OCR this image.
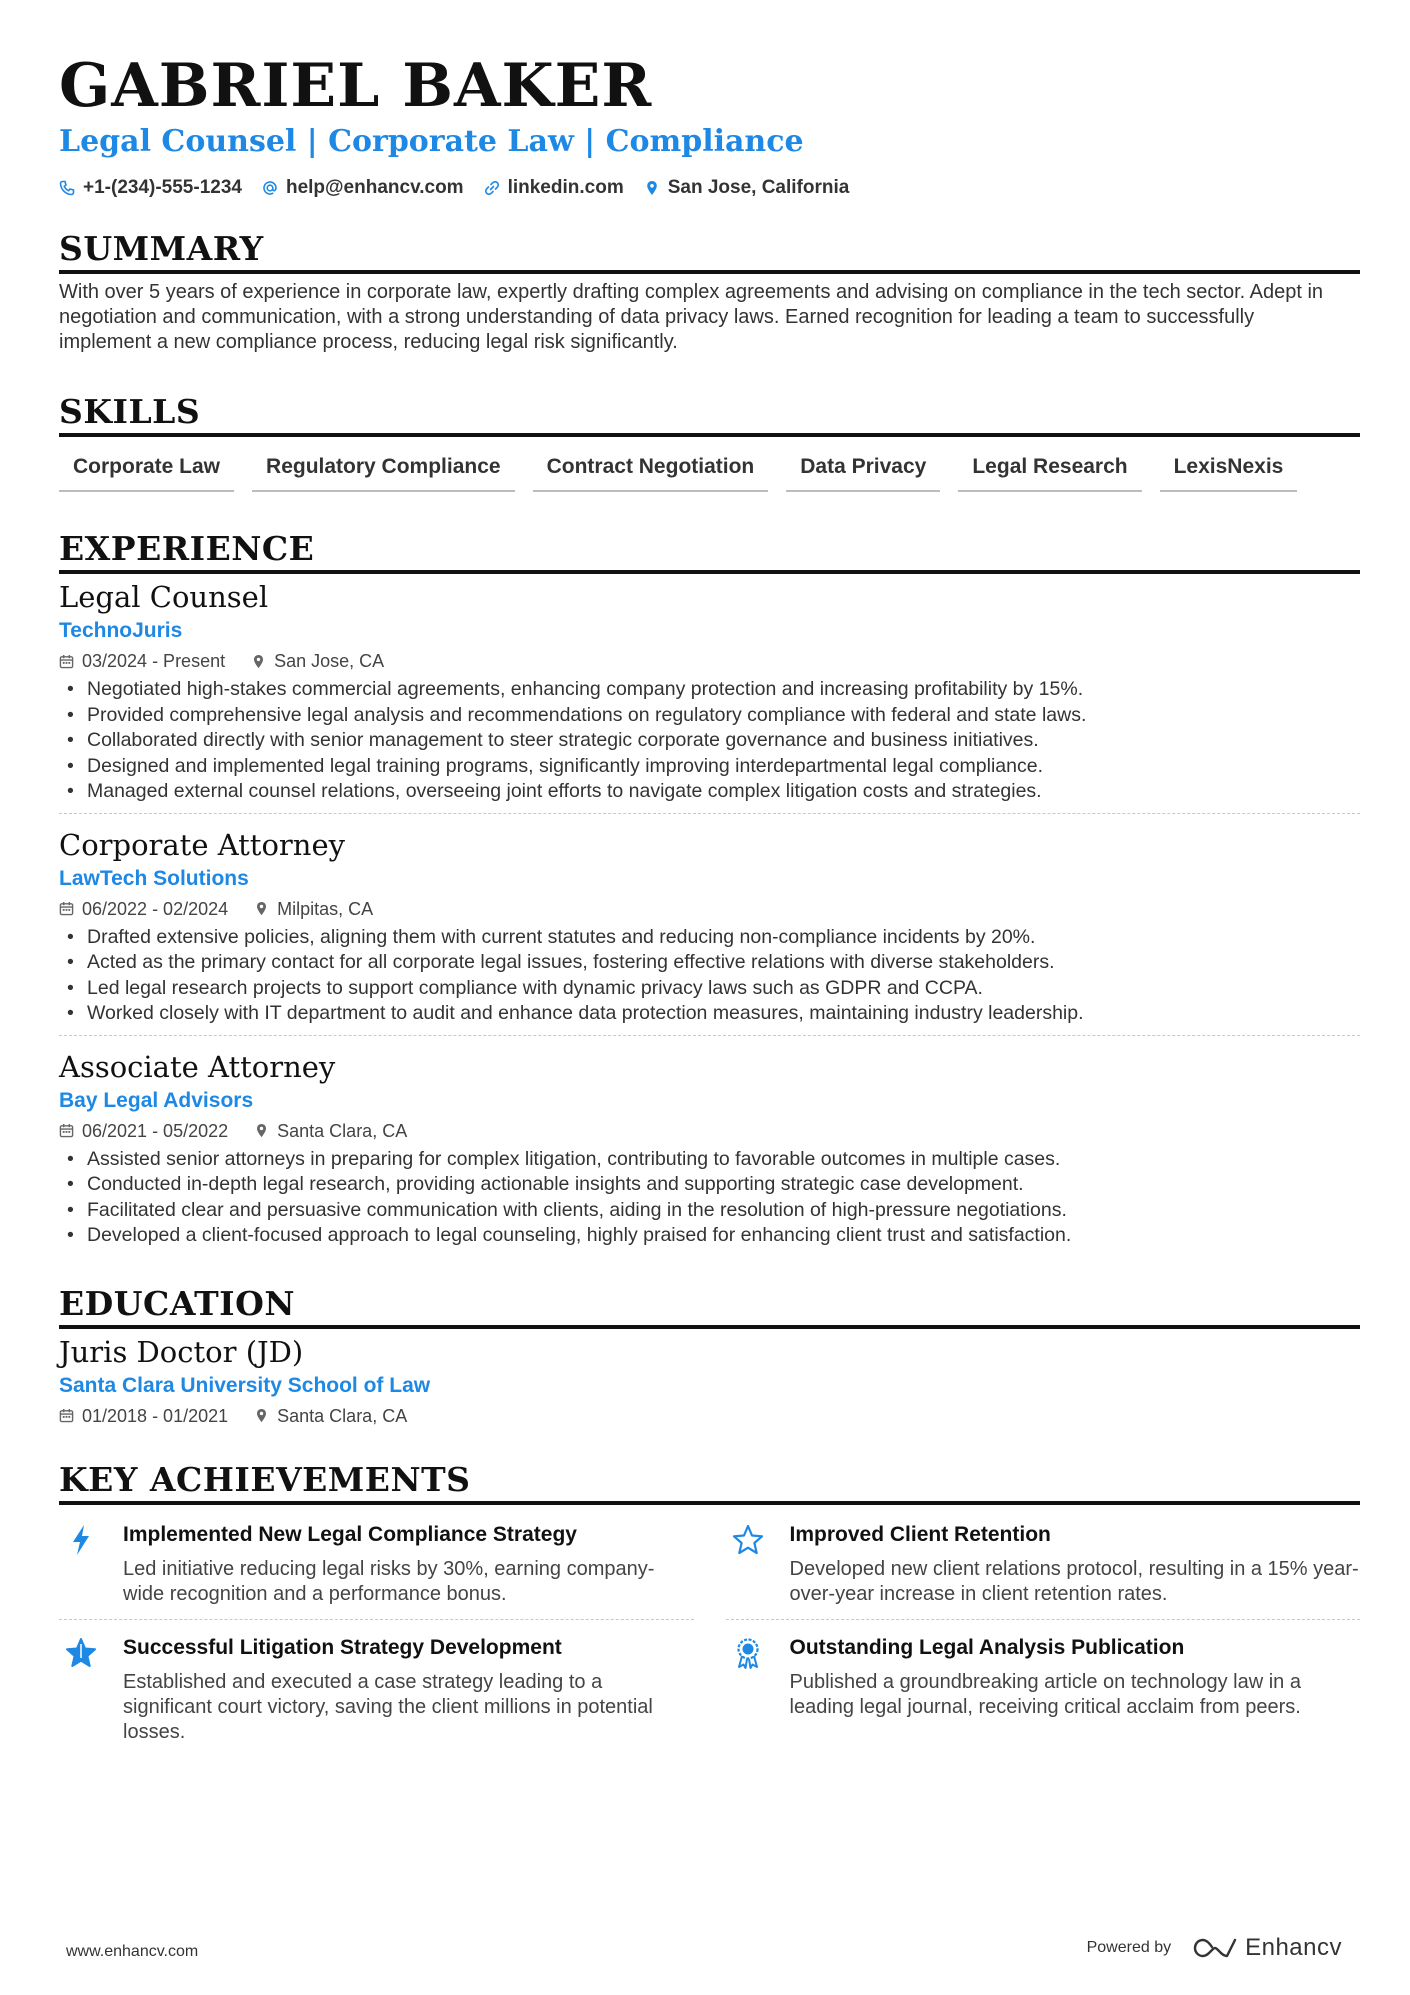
GABRIEL BAKER
Legal Counsel | Corporate Law | Compliance
+1-(234)-555-1234 help@enhancv.com linkedin.com San Jose, California
SUMMARY
With over 5 years of experience in corporate law, expertly drafting complex agreements and advising on compliance in the tech sector. Adept in negotiation and communication, with a strong understanding of data privacy laws. Earned recognition for leading a team to successfully implement a new compliance process, reducing legal risk significantly.
SKILLS
Corporate Law	Regulatory Compliance	Contract Negotiation	Data Privacy	Legal Research	LexisNexis
EXPERIENCE
Legal Counsel
TechnoJuris
03/2024 - Present	San Jose, CA
• Negotiated high-stakes commercial agreements, enhancing company protection and increasing profitability by 15%.
• Provided comprehensive legal analysis and recommendations on regulatory compliance with federal and state laws.
• Collaborated directly with senior management to steer strategic corporate governance and business initiatives.
• Designed and implemented legal training programs, significantly improving interdepartmental legal compliance.
• Managed external counsel relations, overseeing joint efforts to navigate complex litigation costs and strategies.
Corporate Attorney
LawTech Solutions
06/2022 - 02/2024	Milpitas, CA
• Drafted extensive policies, aligning them with current statutes and reducing non-compliance incidents by 20%.
• Acted as the primary contact for all corporate legal issues, fostering effective relations with diverse stakeholders.
• Led legal research projects to support compliance with dynamic privacy laws such as GDPR and CCPA.
• Worked closely with IT department to audit and enhance data protection measures, maintaining industry leadership.
Associate Attorney
Bay Legal Advisors
06/2021 - 05/2022	Santa Clara, CA
• Assisted senior attorneys in preparing for complex litigation, contributing to favorable outcomes in multiple cases.
• Conducted in-depth legal research, providing actionable insights and supporting strategic case development.
• Facilitated clear and persuasive communication with clients, aiding in the resolution of high-pressure negotiations.
• Developed a client-focused approach to legal counseling, highly praised for enhancing client trust and satisfaction.
EDUCATION
Juris Doctor (JD)
Santa Clara University School of Law
01/2018 - 01/2021	Santa Clara, CA
KEY ACHIEVEMENTS
Implemented New Legal Compliance Strategy
Led initiative reducing legal risks by 30%, earning company-wide recognition and a performance bonus.
Improved Client Retention
Developed new client relations protocol, resulting in a 15% year-over-year increase in client retention rates.
Successful Litigation Strategy Development
Established and executed a case strategy leading to a significant court victory, saving the client millions in potential losses.
Outstanding Legal Analysis Publication
Published a groundbreaking article on technology law in a leading legal journal, receiving critical acclaim from peers.
www.enhancv.com	Powered by	Enhancv
